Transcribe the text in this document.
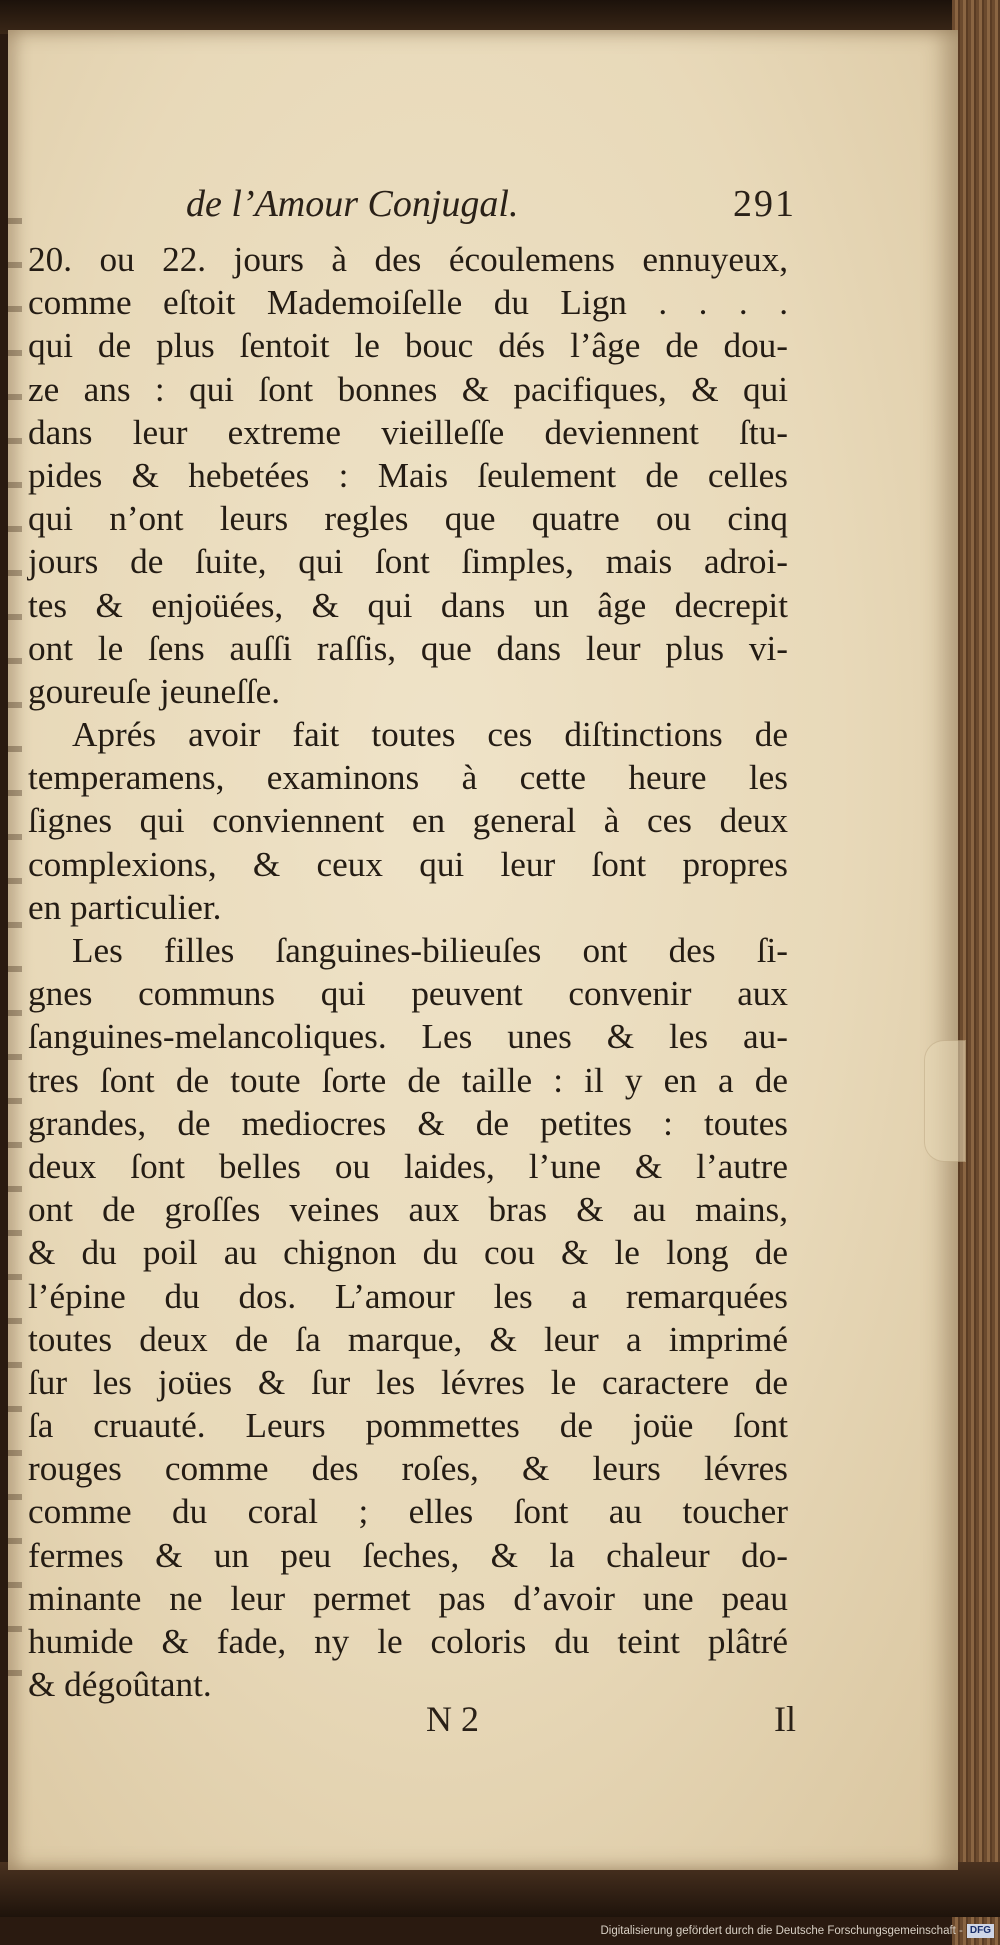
de l’Amour Conjugal.	291
20. ou 22. jours à des écoulemens ennuyeux,
comme eſtoit Mademoiſelle du Lign . . . .
qui de plus ſentoit le bouc dés l’âge de dou-
ze ans : qui ſont bonnes & pacifiques, & qui
dans leur extreme vieilleſſe deviennent ſtu-
pides & hebetées : Mais ſeulement de celles
qui n’ont leurs regles que quatre ou cinq
jours de ſuite, qui ſont ſimples, mais adroi-
tes & enjoüées, & qui dans un âge decrepit
ont le ſens auſſi raſſis, que dans leur plus vi-
goureuſe jeuneſſe.
Aprés avoir fait toutes ces diſtinctions de
temperamens, examinons à cette heure les
ſignes qui conviennent en general à ces deux
complexions, & ceux qui leur ſont propres
en particulier.
Les filles ſanguines-bilieuſes ont des ſi-
gnes communs qui peuvent convenir aux
ſanguines-melancoliques. Les unes & les au-
tres ſont de toute ſorte de taille : il y en a de
grandes, de mediocres & de petites : toutes
deux ſont belles ou laides, l’une & l’autre
ont de groſſes veines aux bras & au mains,
& du poil au chignon du cou & le long de
l’épine du dos. L’amour les a remarquées
toutes deux de ſa marque, & leur a imprimé
ſur les joües & ſur les lévres le caractere de
ſa cruauté. Leurs pommettes de joüe ſont
rouges comme des roſes, & leurs lévres
comme du coral ; elles ſont au toucher
fermes & un peu ſeches, & la chaleur do-
minante ne leur permet pas d’avoir une peau
humide & fade, ny le coloris du teint plâtré
& dégoûtant.
N 2	Il
Digitalisierung gefördert durch die Deutsche Forschungsgemeinschaft - DFG
